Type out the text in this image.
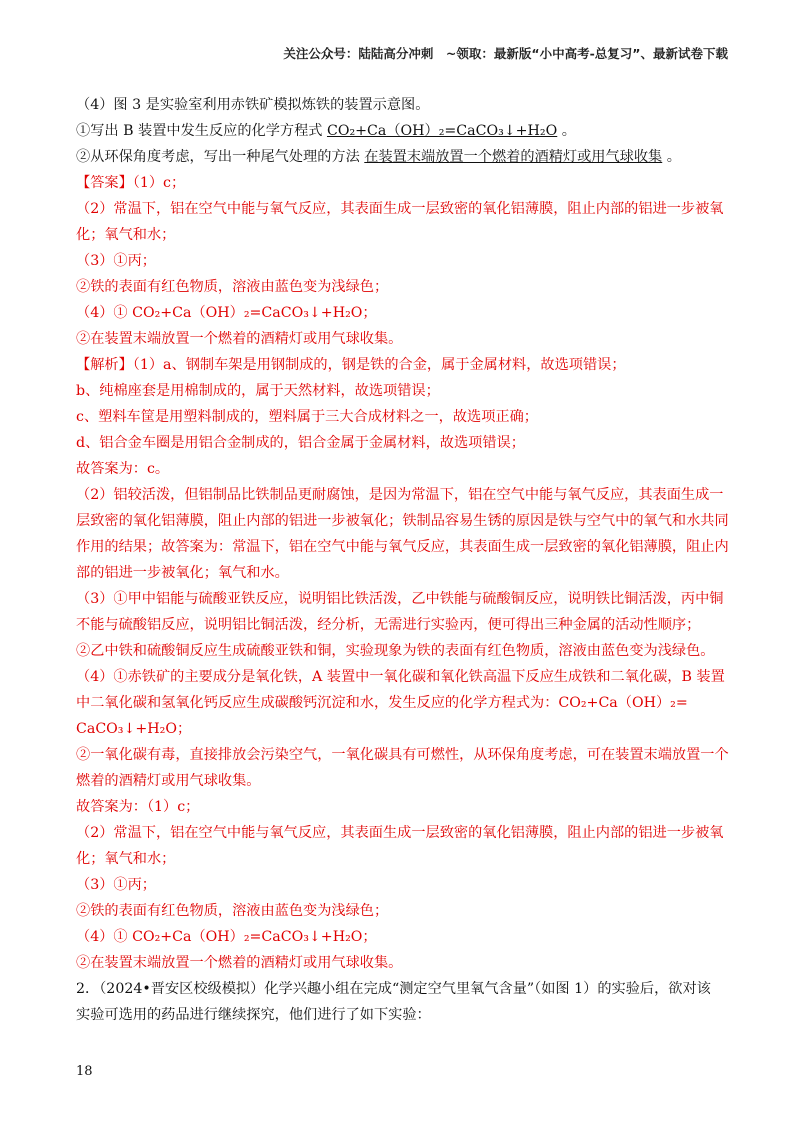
关注公众号：陆陆高分冲刺　~领取：最新版“小中高考-总复习”、最新试卷下载
（4）图 3 是实验室利用赤铁矿模拟炼铁的装置示意图。
①写出 B 装置中发生反应的化学方程式 CO₂+Ca（OH）₂=CaCO₃↓+H₂O 。
②从环保角度考虑，写出一种尾气处理的方法 在装置末端放置一个燃着的酒精灯或用气球收集 。
【答案】（1）c；
（2）常温下，铝在空气中能与氧气反应，其表面生成一层致密的氧化铝薄膜，阻止内部的铝进一步被氧
化；氧气和水；
（3）①丙；
②铁的表面有红色物质，溶液由蓝色变为浅绿色；
（4）① CO₂+Ca（OH）₂=CaCO₃↓+H₂O；
②在装置末端放置一个燃着的酒精灯或用气球收集。
【解析】（1）a、钢制车架是用钢制成的，钢是铁的合金，属于金属材料，故选项错误；
b、纯棉座套是用棉制成的，属于天然材料，故选项错误；
c、塑料车筐是用塑料制成的，塑料属于三大合成材料之一，故选项正确；
d、铝合金车圈是用铝合金制成的，铝合金属于金属材料，故选项错误；
故答案为：c。
（2）铝较活泼，但铝制品比铁制品更耐腐蚀，是因为常温下，铝在空气中能与氧气反应，其表面生成一
层致密的氧化铝薄膜，阻止内部的铝进一步被氧化；铁制品容易生锈的原因是铁与空气中的氧气和水共同
作用的结果；故答案为：常温下，铝在空气中能与氧气反应，其表面生成一层致密的氧化铝薄膜，阻止内
部的铝进一步被氧化；氧气和水。
（3）①甲中铝能与硫酸亚铁反应，说明铝比铁活泼，乙中铁能与硫酸铜反应，说明铁比铜活泼，丙中铜
不能与硫酸铝反应，说明铝比铜活泼，经分析，无需进行实验丙，便可得出三种金属的活动性顺序；
②乙中铁和硫酸铜反应生成硫酸亚铁和铜，实验现象为铁的表面有红色物质，溶液由蓝色变为浅绿色。
（4）①赤铁矿的主要成分是氧化铁，A 装置中一氧化碳和氧化铁高温下反应生成铁和二氧化碳，B 装置
中二氧化碳和氢氧化钙反应生成碳酸钙沉淀和水，发生反应的化学方程式为：CO₂+Ca（OH）₂=
CaCO₃↓+H₂O；
②一氧化碳有毒，直接排放会污染空气，一氧化碳具有可燃性，从环保角度考虑，可在装置末端放置一个
燃着的酒精灯或用气球收集。
故答案为：（1）c；
（2）常温下，铝在空气中能与氧气反应，其表面生成一层致密的氧化铝薄膜，阻止内部的铝进一步被氧
化；氧气和水；
（3）①丙；
②铁的表面有红色物质，溶液由蓝色变为浅绿色；
（4）① CO₂+Ca（OH）₂=CaCO₃↓+H₂O；
②在装置末端放置一个燃着的酒精灯或用气球收集。
2．（2024•晋安区校级模拟）化学兴趣小组在完成“测定空气里氧气含量”（如图 1）的实验后，欲对该
实验可选用的药品进行继续探究，他们进行了如下实验：
18
